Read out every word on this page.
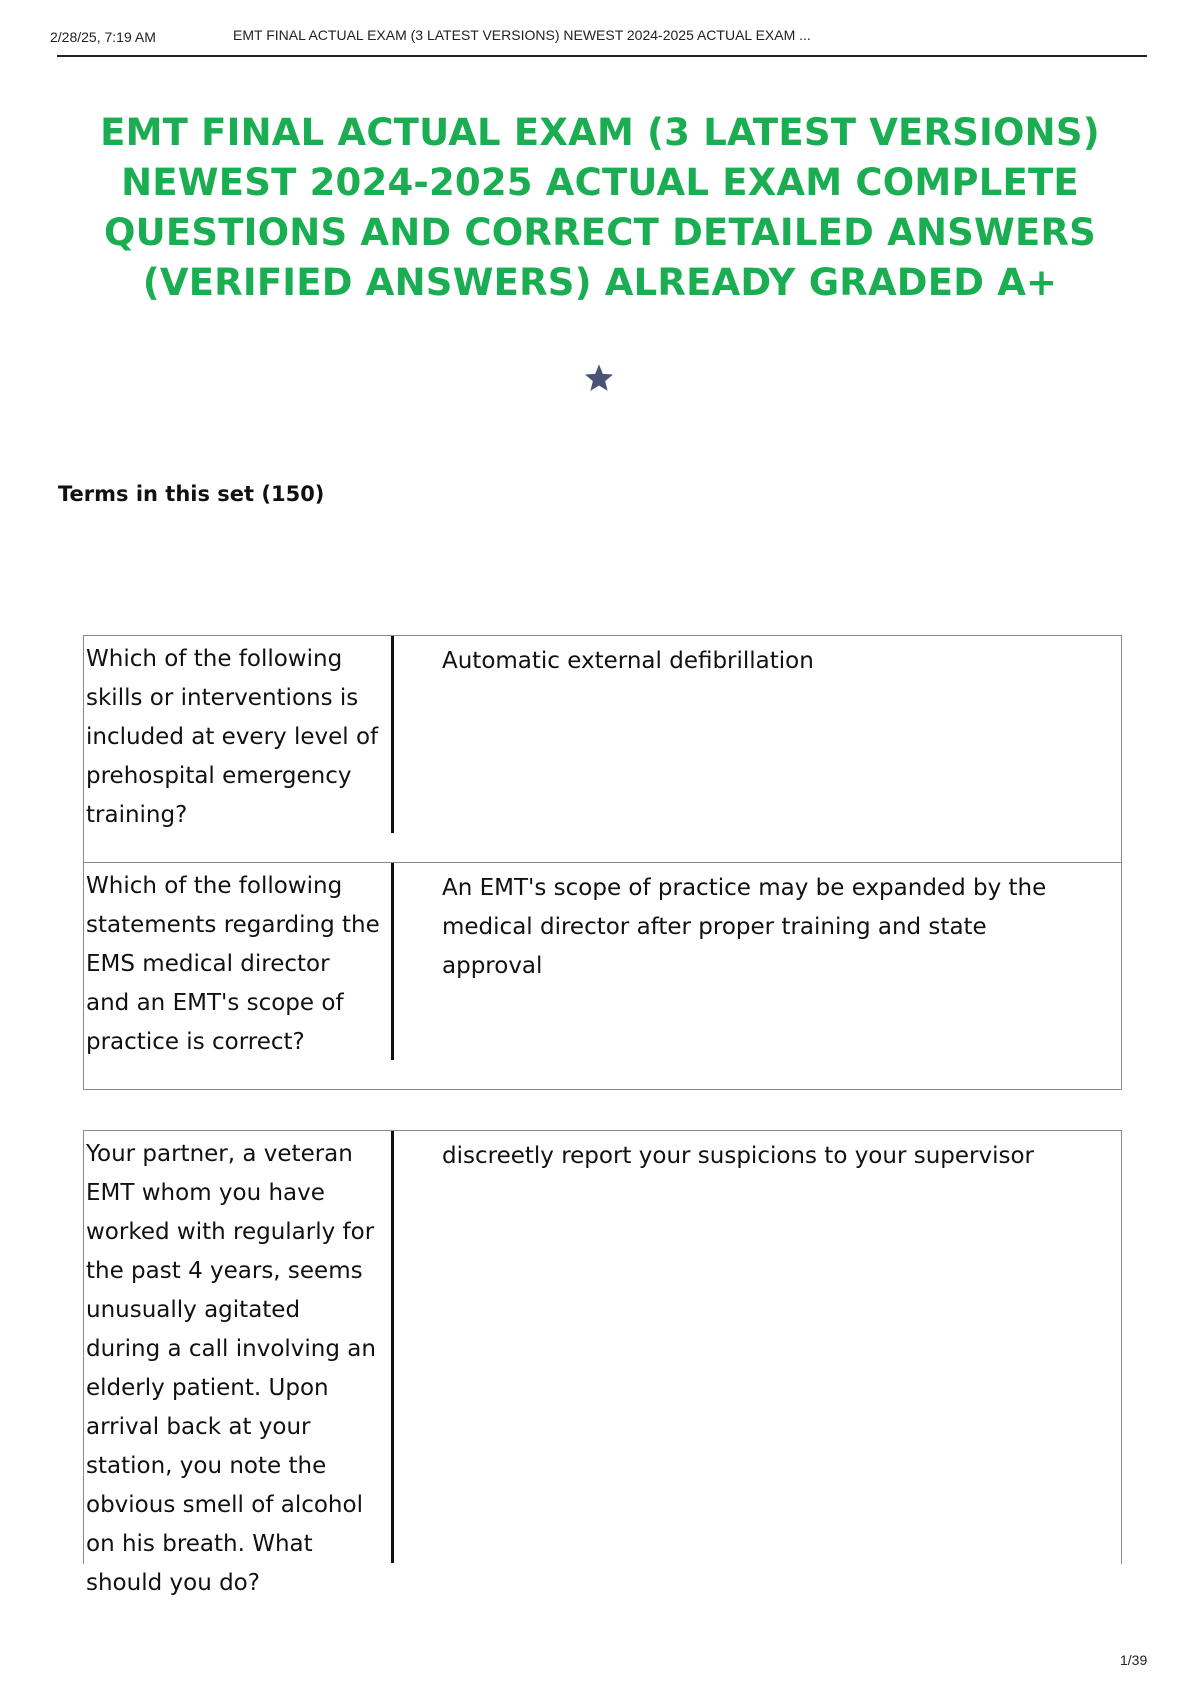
2/28/25, 7:19 AM	EMT FINAL ACTUAL EXAM (3 LATEST VERSIONS) NEWEST 2024-2025 ACTUAL EXAM ...
EMT FINAL ACTUAL EXAM (3 LATEST VERSIONS) NEWEST 2024-2025 ACTUAL EXAM COMPLETE QUESTIONS AND CORRECT DETAILED ANSWERS (VERIFIED ANSWERS) ALREADY GRADED A+
Terms in this set (150)
Which of the following skills or interventions is included at every level of prehospital emergency training?
Automatic external defibrillation
Which of the following statements regarding the EMS medical director and an EMT's scope of practice is correct?
An EMT's scope of practice may be expanded by the medical director after proper training and state approval
Your partner, a veteran EMT whom you have worked with regularly for the past 4 years, seems unusually agitated during a call involving an elderly patient. Upon arrival back at your station, you note the obvious smell of alcohol on his breath. What should you do?
discreetly report your suspicions to your supervisor
1/39
